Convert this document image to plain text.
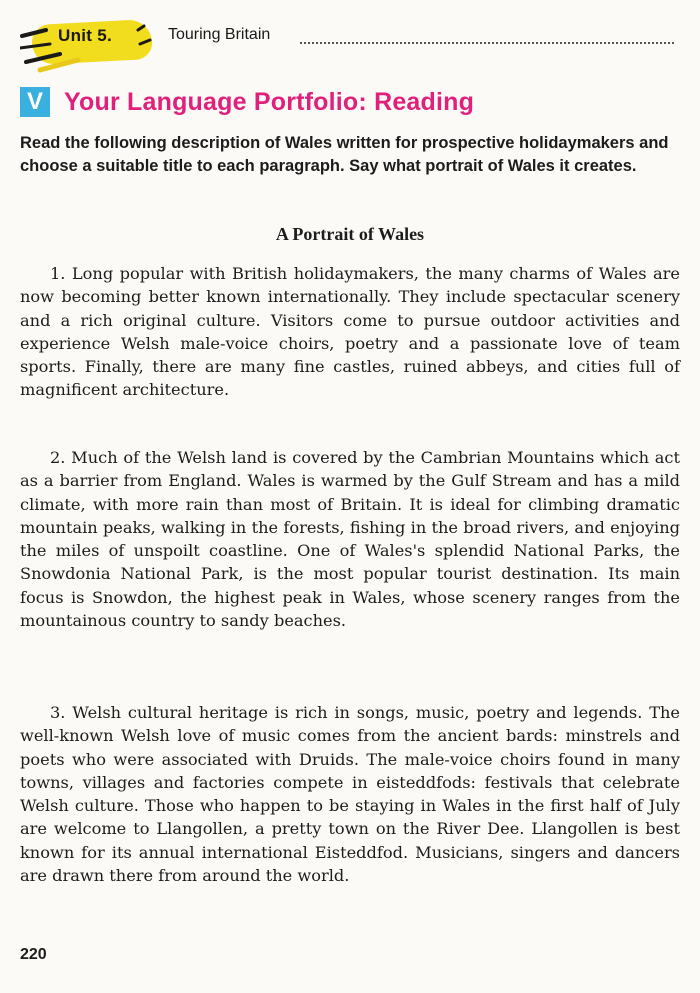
Unit 5.	Touring Britain
V Your Language Portfolio: Reading
Read the following description of Wales written for prospective holidaymakers and choose a suitable title to each paragraph. Say what portrait of Wales it creates.
A Portrait of Wales

1. Long popular with British holidaymakers, the many charms of Wales are now becoming better known internationally. They include spectacular scenery and a rich original culture. Visitors come to pursue outdoor activities and experience Welsh male-voice choirs, poetry and a passionate love of team sports. Finally, there are many fine castles, ruined abbeys, and cities full of magnificent architecture.

2. Much of the Welsh land is covered by the Cambrian Mountains which act as a barrier from England. Wales is warmed by the Gulf Stream and has a mild climate, with more rain than most of Britain. It is ideal for climbing dramatic mountain peaks, walking in the forests, fishing in the broad rivers, and enjoying the miles of unspoilt coastline. One of Wales's splendid National Parks, the Snowdonia National Park, is the most popular tourist destination. Its main focus is Snowdon, the highest peak in Wales, whose scenery ranges from the mountainous country to sandy beaches.

3. Welsh cultural heritage is rich in songs, music, poetry and legends. The well-known Welsh love of music comes from the ancient bards: minstrels and poets who were associated with Druids. The male-voice choirs found in many towns, villages and factories compete in eisteddfods: festivals that celebrate Welsh culture. Those who happen to be staying in Wales in the first half of July are welcome to Llangollen, a pretty town on the River Dee. Llangollen is best known for its annual international Eisteddfod. Musicians, singers and dancers are drawn there from around the world.

220
